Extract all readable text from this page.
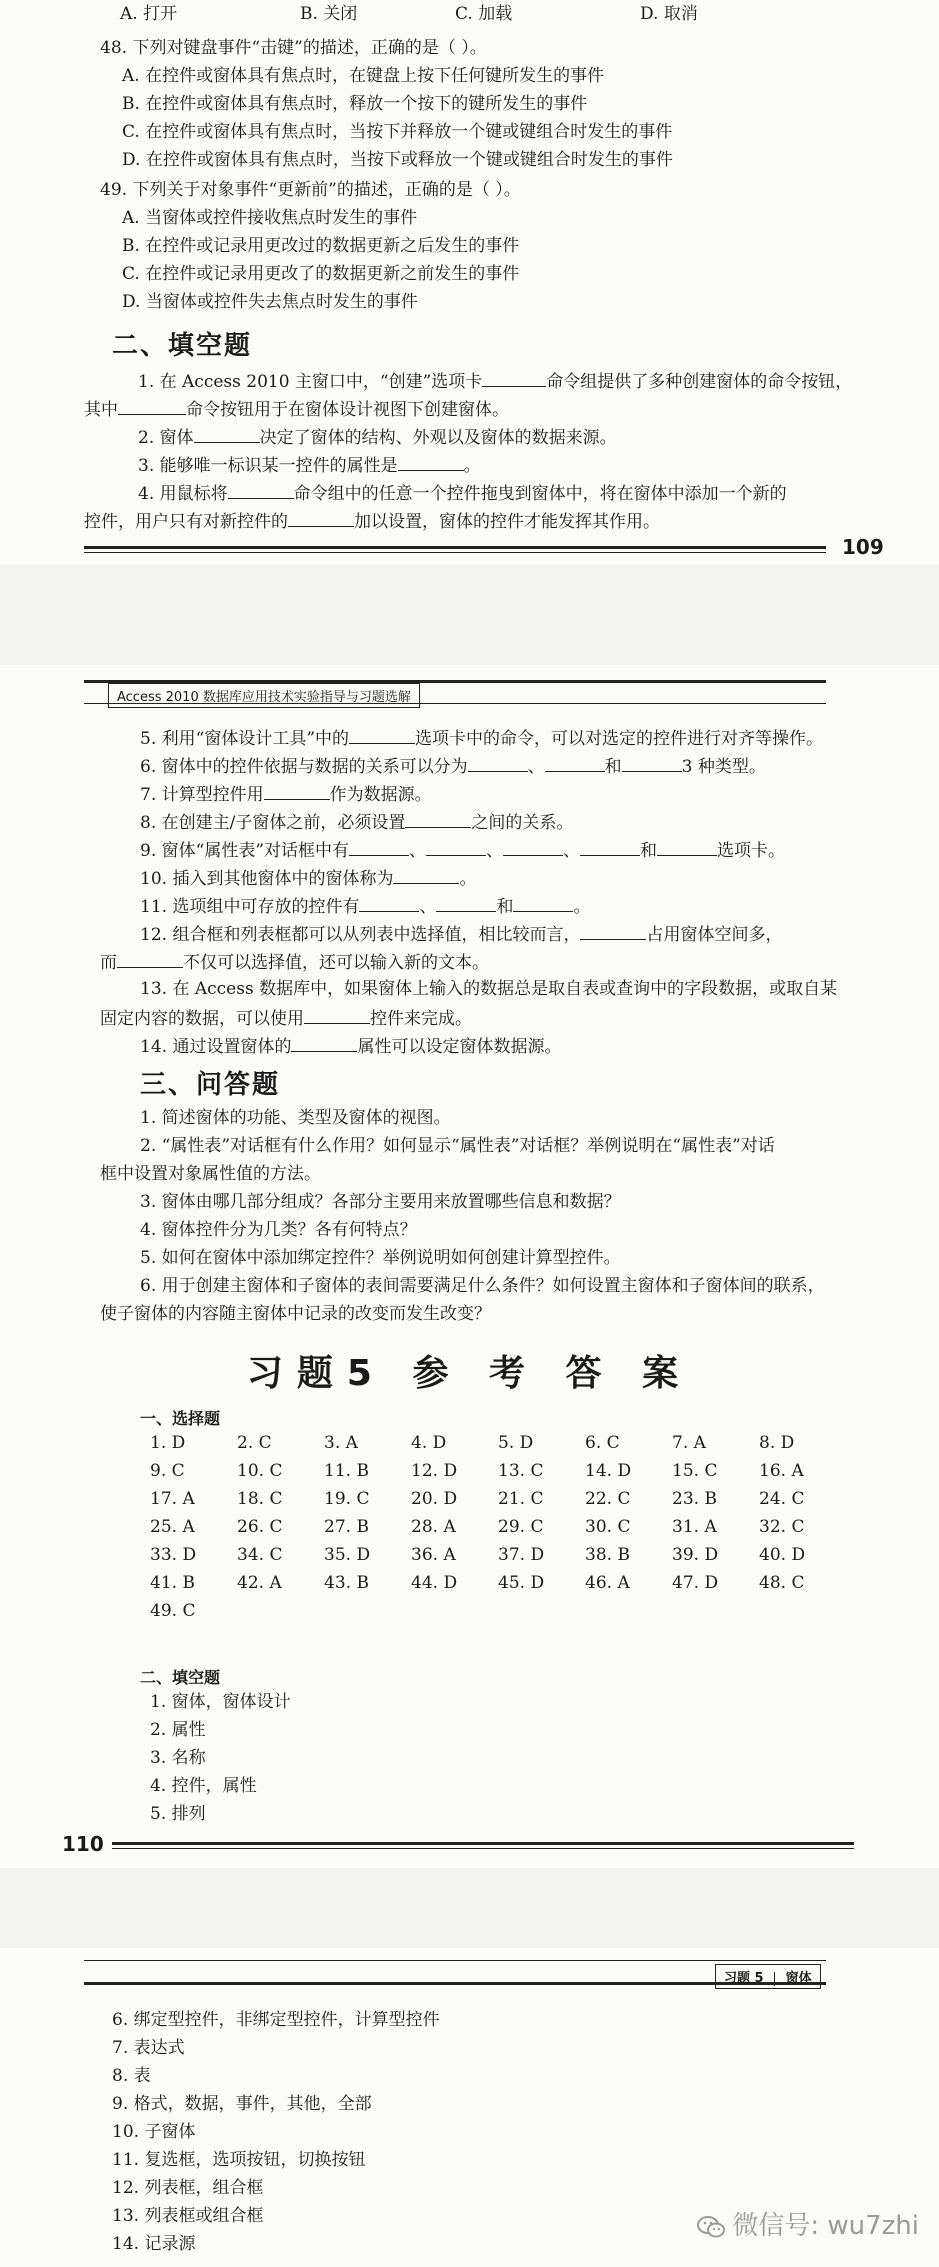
A. 打开	B. 关闭	C. 加载	D. 取消
48. 下列对键盘事件“击键”的描述，正确的是（ ）。
A. 在控件或窗体具有焦点时，在键盘上按下任何键所发生的事件
B. 在控件或窗体具有焦点时，释放一个按下的键所发生的事件
C. 在控件或窗体具有焦点时，当按下并释放一个键或键组合时发生的事件
D. 在控件或窗体具有焦点时，当按下或释放一个键或键组合时发生的事件
49. 下列关于对象事件“更新前”的描述，正确的是（ ）。
A. 当窗体或控件接收焦点时发生的事件
B. 在控件或记录用更改过的数据更新之后发生的事件
C. 在控件或记录用更改了的数据更新之前发生的事件
D. 当窗体或控件失去焦点时发生的事件
二、填空题
1. 在 Access 2010 主窗口中，“创建”选项卡	命令组提供了多种创建窗体的命令按钮，
其中	命令按钮用于在窗体设计视图下创建窗体。
2. 窗体	决定了窗体的结构、外观以及窗体的数据来源。
3. 能够唯一标识某一控件的属性是	。
4. 用鼠标将	命令组中的任意一个控件拖曳到窗体中，将在窗体中添加一个新的
控件，用户只有对新控件的	加以设置，窗体的控件才能发挥其作用。
109
Access 2010 数据库应用技术实验指导与习题选解
5. 利用“窗体设计工具”中的	选项卡中的命令，可以对选定的控件进行对齐等操作。
6. 窗体中的控件依据与数据的关系可以分为	、	和	3 种类型。
7. 计算型控件用	作为数据源。
8. 在创建主/子窗体之前，必须设置	之间的关系。
9. 窗体“属性表”对话框中有	、	、	、	和	选项卡。
10. 插入到其他窗体中的窗体称为	。
11. 选项组中可存放的控件有	、	和	。
12. 组合框和列表框都可以从列表中选择值，相比较而言，	占用窗体空间多，
而	不仅可以选择值，还可以输入新的文本。
13. 在 Access 数据库中，如果窗体上输入的数据总是取自表或查询中的字段数据，或取自某
固定内容的数据，可以使用	控件来完成。
14. 通过设置窗体的	属性可以设定窗体数据源。
三、问答题
1. 简述窗体的功能、类型及窗体的视图。
2. “属性表”对话框有什么作用？如何显示“属性表”对话框？举例说明在“属性表”对话
框中设置对象属性值的方法。
3. 窗体由哪几部分组成？各部分主要用来放置哪些信息和数据？
4. 窗体控件分为几类？各有何特点？
5. 如何在窗体中添加绑定控件？举例说明如何创建计算型控件。
6. 用于创建主窗体和子窗体的表间需要满足什么条件？如何设置主窗体和子窗体间的联系，
使子窗体的内容随主窗体中记录的改变而发生改变？
习题5 参 考 答 案
一、选择题
1. D	2. C	3. A	4. D	5. D	6. C	7. A	8. D
9. C	10. C	11. B	12. D	13. C	14. D	15. C	16. A
17. A	18. C	19. C	20. D	21. C	22. C	23. B	24. C
25. A	26. C	27. B	28. A	29. C	30. C	31. A	32. C
33. D	34. C	35. D	36. A	37. D	38. B	39. D	40. D
41. B	42. A	43. B	44. D	45. D	46. A	47. D	48. C
49. C
二、填空题
1. 窗体，窗体设计
2. 属性
3. 名称
4. 控件，属性
5. 排列
110
习题 5 窗体
6. 绑定型控件，非绑定型控件，计算型控件
7. 表达式
8. 表
9. 格式，数据，事件，其他，全部
10. 子窗体
11. 复选框，选项按钮，切换按钮
12. 列表框，组合框
13. 列表框或组合框
14. 记录源
微信号: wu7zhi
